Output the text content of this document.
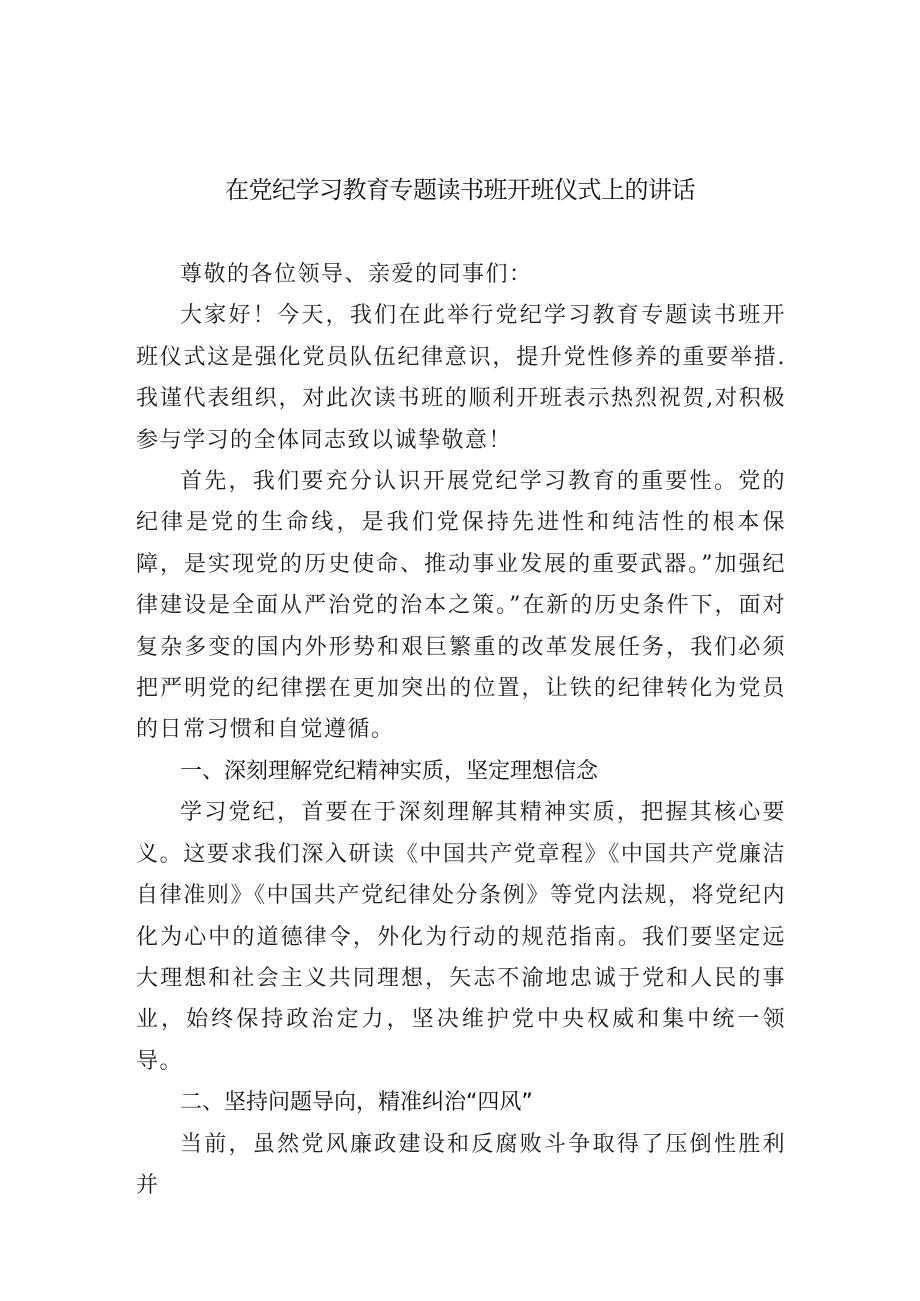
在党纪学习教育专题读书班开班仪式上的讲话

尊敬的各位领导、亲爱的同事们：

大家好！今天，我们在此举行党纪学习教育专题读书班开班仪式这是强化党员队伍纪律意识，提升党性修养的重要举措.我谨代表组织，对此次读书班的顺利开班表示热烈祝贺,对积极参与学习的全体同志致以诚挚敬意！

首先，我们要充分认识开展党纪学习教育的重要性。党的纪律是党的生命线，是我们党保持先进性和纯洁性的根本保障，是实现党的历史使命、推动事业发展的重要武器。”加强纪律建设是全面从严治党的治本之策。”在新的历史条件下，面对复杂多变的国内外形势和艰巨繁重的改革发展任务，我们必须把严明党的纪律摆在更加突出的位置，让铁的纪律转化为党员的日常习惯和自觉遵循。

一、深刻理解党纪精神实质，坚定理想信念

学习党纪，首要在于深刻理解其精神实质，把握其核心要义。这要求我们深入研读《中国共产党章程》《中国共产党廉洁自律准则》《中国共产党纪律处分条例》等党内法规，将党纪内化为心中的道德律令，外化为行动的规范指南。我们要坚定远大理想和社会主义共同理想，矢志不渝地忠诚于党和人民的事业，始终保持政治定力，坚决维护党中央权威和集中统一领导。

二、坚持问题导向，精准纠治“四风”

当前，虽然党风廉政建设和反腐败斗争取得了压倒性胜利并
